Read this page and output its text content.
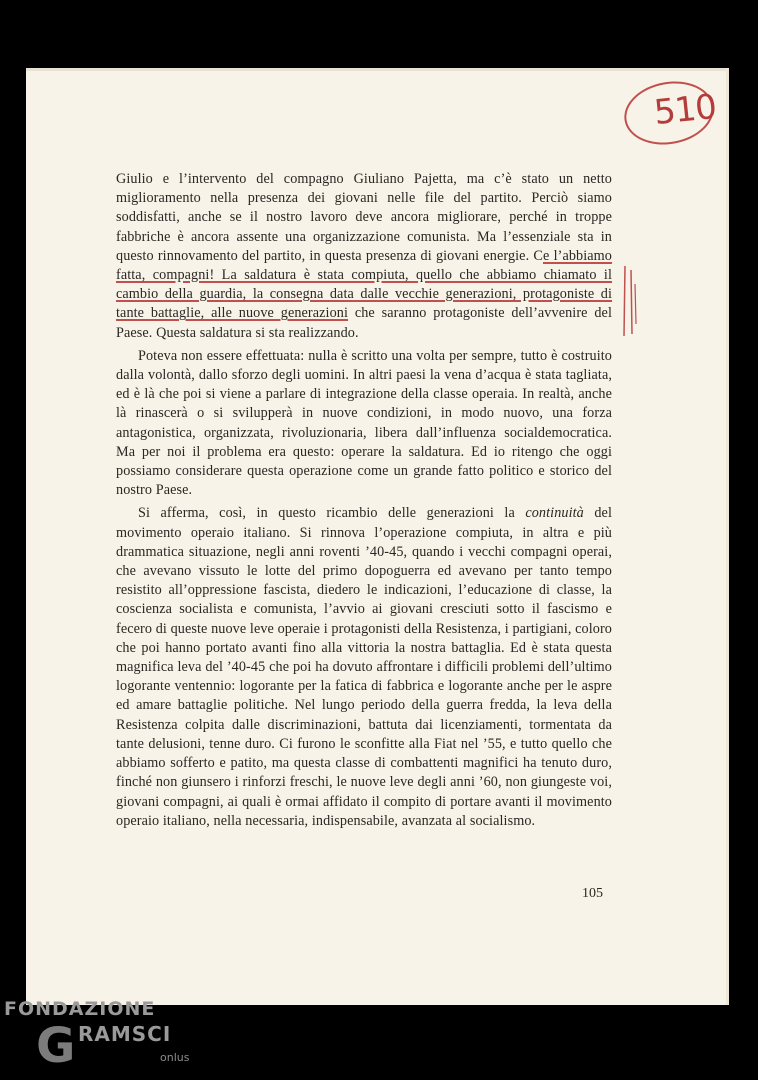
510

Giulio e l’intervento del compagno Giuliano Pajetta, ma c’è stato un netto miglioramento nella presenza dei giovani nelle file del partito. Perciò siamo soddisfatti, anche se il nostro lavoro deve ancora migliorare, perché in troppe fabbriche è ancora assente una organizzazione comunista. Ma l’essenziale sta in questo rinnovamento del partito, in questa presenza di giovani energie. Ce l’abbiamo fatta, compagni! La saldatura è stata compiuta, quello che abbiamo chiamato il cambio della guardia, la consegna data dalle vecchie generazioni, protagoniste di tante battaglie, alle nuove generazioni che saranno protagoniste dell’avvenire del Paese. Questa saldatura si sta realizzando.

Poteva non essere effettuata: nulla è scritto una volta per sempre, tutto è costruito dalla volontà, dallo sforzo degli uomini. In altri paesi la vena d’acqua è stata tagliata, ed è là che poi si viene a parlare di integrazione della classe operaia. In realtà, anche là rinascerà o si svilupperà in nuove condizioni, in modo nuovo, una forza antagonistica, organizzata, rivoluzionaria, libera dall’influenza socialdemocratica. Ma per noi il problema era questo: operare la saldatura. Ed io ritengo che oggi possiamo considerare questa operazione come un grande fatto politico e storico del nostro Paese.

Si afferma, così, in questo ricambio delle generazioni la continuità del movimento operaio italiano. Si rinnova l’operazione compiuta, in altra e più drammatica situazione, negli anni roventi ’40-45, quando i vecchi compagni operai, che avevano vissuto le lotte del primo dopoguerra ed avevano per tanto tempo resistito all’oppressione fascista, diedero le indicazioni, l’educazione di classe, la coscienza socialista e comunista, l’avvio ai giovani cresciuti sotto il fascismo e fecero di queste nuove leve operaie i protagonisti della Resistenza, i partigiani, coloro che poi hanno portato avanti fino alla vittoria la nostra battaglia. Ed è stata questa magnifica leva del ’40-45 che poi ha dovuto affrontare i difficili problemi dell’ultimo logorante ventennio: logorante per la fatica di fabbrica e logorante anche per le aspre ed amare battaglie politiche. Nel lungo periodo della guerra fredda, la leva della Resistenza colpita dalle discriminazioni, battuta dai licenziamenti, tormentata da tante delusioni, tenne duro. Ci furono le sconfitte alla Fiat nel ’55, e tutto quello che abbiamo sofferto e patito, ma questa classe di combattenti magnifici ha tenuto duro, finché non giunsero i rinforzi freschi, le nuove leve degli anni ’60, non giungeste voi, giovani compagni, ai quali è ormai affidato il compito di portare avanti il movimento operaio italiano, nella necessaria, indispensabile, avanzata al socialismo.

105
FONDAZIONE
G RAMSCI
onlus
